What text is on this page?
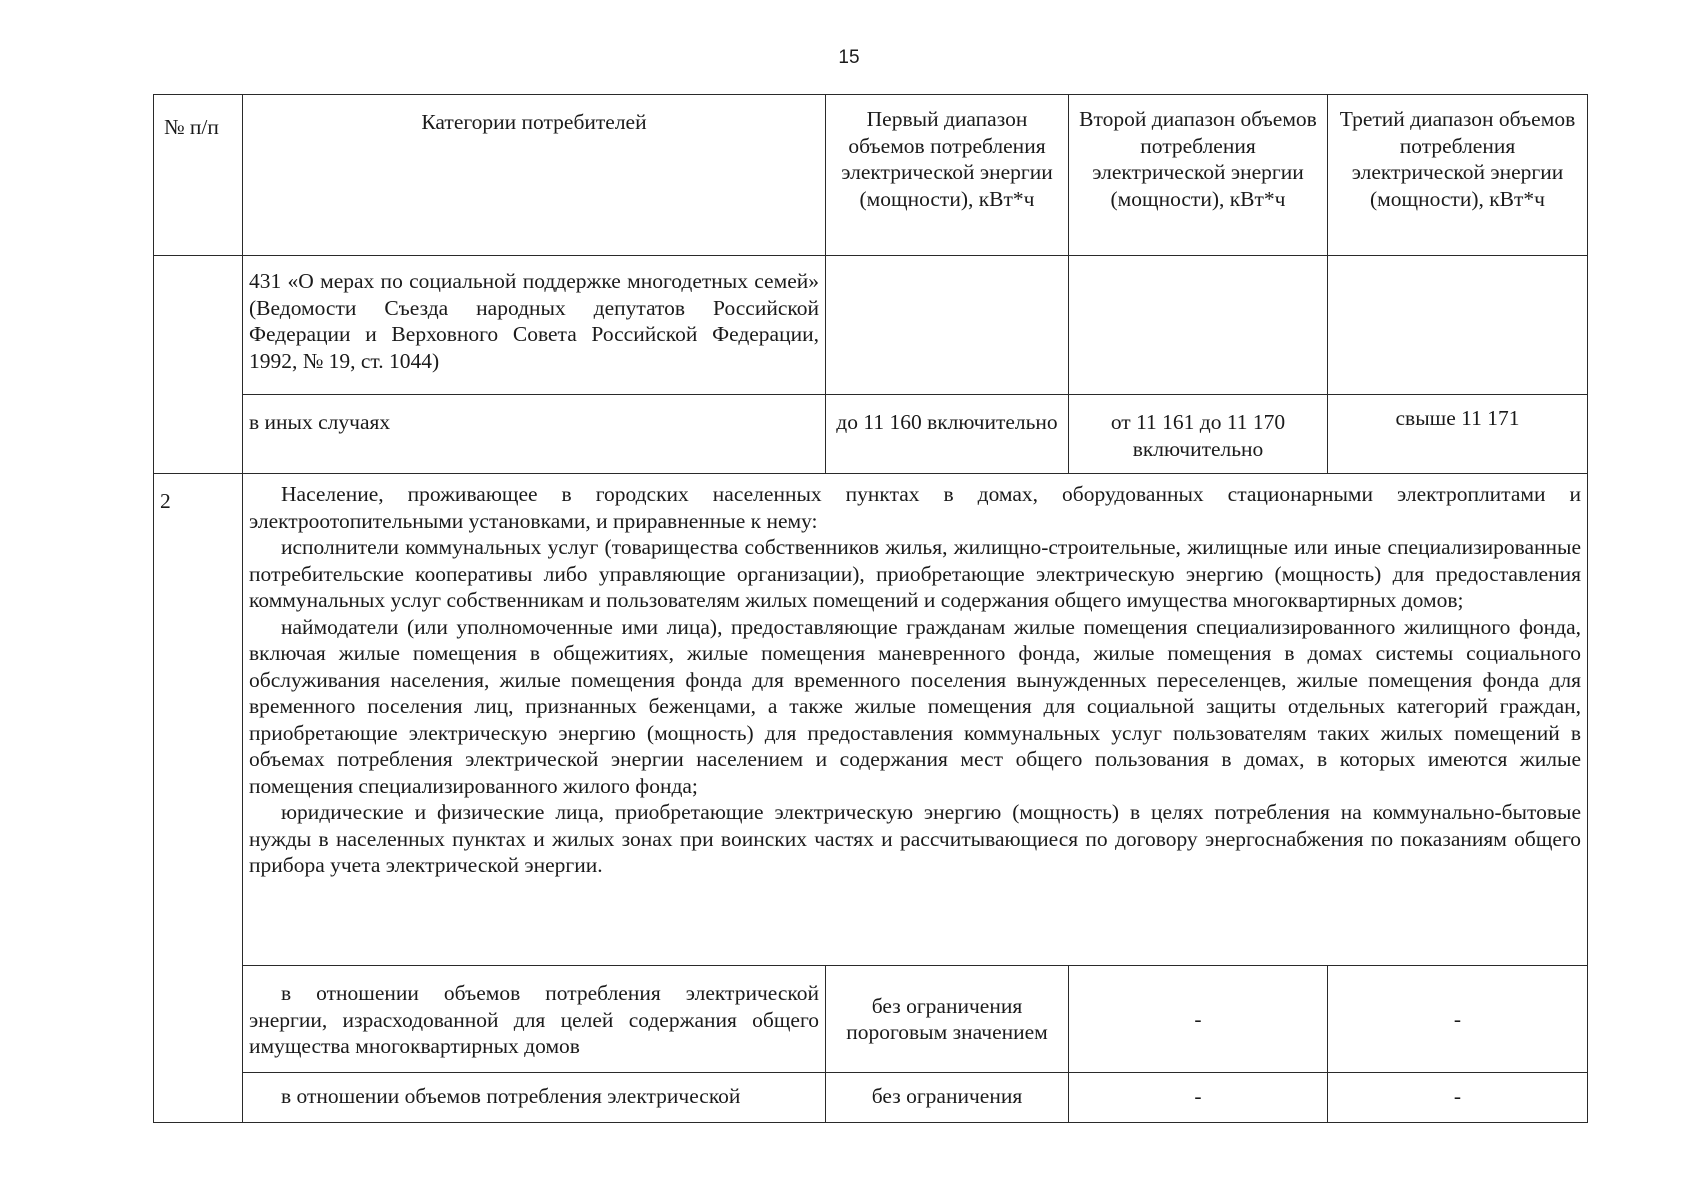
15
№ п/п	Категории потребителей	Первый диапазон объемов потребления электрической энергии (мощности), кВт*ч	Второй диапазон объемов потребления электрической энергии (мощности), кВт*ч	Третий диапазон объемов потребления электрической энергии (мощности), кВт*ч
	431 «О мерах по социальной поддержке многодетных семей» (Ведомости Съезда народных депутатов Российской Федерации и Верховного Совета Российской Федерации, 1992, № 19, ст. 1044)			
	в иных случаях	до 11 160 включительно	от 11 161 до 11 170 включительно	свыше 11 171
2	Население, проживающее в городских населенных пунктах в домах, оборудованных стационарными электроплитами и электроотопительными установками, и приравненные к нему:

исполнители коммунальных услуг (товарищества собственников жилья, жилищно-строительные, жилищные или иные специализированные потребительские кооперативы либо управляющие организации), приобретающие электрическую энергию (мощность) для предоставления коммунальных услуг собственникам и пользователям жилых помещений и содержания общего имущества многоквартирных домов;

наймодатели (или уполномоченные ими лица), предоставляющие гражданам жилые помещения специализированного жилищного фонда, включая жилые помещения в общежитиях, жилые помещения маневренного фонда, жилые помещения в домах системы социального обслуживания населения, жилые помещения фонда для временного поселения вынужденных переселенцев, жилые помещения фонда для временного поселения лиц, признанных беженцами, а также жилые помещения для социальной защиты отдельных категорий граждан, приобретающие электрическую энергию (мощность) для предоставления коммунальных услуг пользователям таких жилых помещений в объемах потребления электрической энергии населением и содержания мест общего пользования в домах, в которых имеются жилые помещения специализированного жилого фонда;

юридические и физические лица, приобретающие электрическую энергию (мощность) в целях потребления на коммунально-бытовые нужды в населенных пунктах и жилых зонах при воинских частях и рассчитывающиеся по договору энергоснабжения по показаниям общего прибора учета электрической энергии.			

	в отношении объемов потребления электрической энергии, израсходованной для целей содержания общего имущества многоквартирных домов	без ограничения пороговым значением	-	-

	в отношении объемов потребления электрической	без ограничения	-	-
